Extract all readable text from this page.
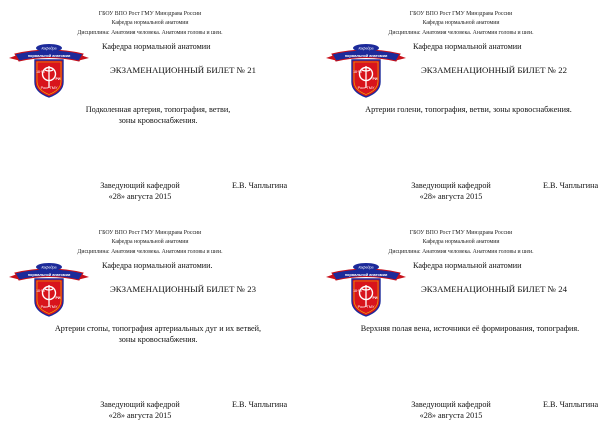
ГБОУ ВПО Рост ГМУ Минздрава России
Кафедра нормальной анатомии
Дисциплина: Анатомия человека. Анатомия головы и шеи.
Кафедра
нормальной анатомии
18·90
РИ
Рост ГМУ
Кафедра нормальной анатомии
ЭКЗАМЕНАЦИОННЫЙ БИЛЕТ № 21
Подколенная артерия, топография, ветви,
зоны кровоснабжения.
Заведующий кафедрой
«28» августа 2015
Е.В. Чаплыгина
ГБОУ ВПО Рост ГМУ Минздрава России
Кафедра нормальной анатомии
Дисциплина: Анатомия человека. Анатомия головы и шеи.
Кафедра
нормальной анатомии
18·90
РИ
Рост ГМУ
Кафедра нормальной анатомии
ЭКЗАМЕНАЦИОННЫЙ БИЛЕТ № 22
Артерии голени, топография, ветви, зоны кровоснабжения.
Заведующий кафедрой
«28» августа 2015
Е.В. Чаплыгина
ГБОУ ВПО Рост ГМУ Минздрава России
Кафедра нормальной анатомии
Дисциплина: Анатомия человека. Анатомия головы и шеи.
Кафедра
нормальной анатомии
18·90
РИ
Рост ГМУ
Кафедра нормальной анатомии.
ЭКЗАМЕНАЦИОННЫЙ БИЛЕТ № 23
Артерии стопы, топография артериальных дуг и их ветвей,
зоны кровоснабжения.
Заведующий кафедрой
«28» августа 2015
Е.В. Чаплыгина
ГБОУ ВПО Рост ГМУ Минздрава России
Кафедра нормальной анатомии
Дисциплина: Анатомия человека. Анатомия головы и шеи.
Кафедра
нормальной анатомии
18·90
РИ
Рост ГМУ
Кафедра нормальной анатомии
ЭКЗАМЕНАЦИОННЫЙ БИЛЕТ № 24
Верхняя полая вена, источники её формирования, топография.
Заведующий кафедрой
«28» августа 2015
Е.В. Чаплыгина
